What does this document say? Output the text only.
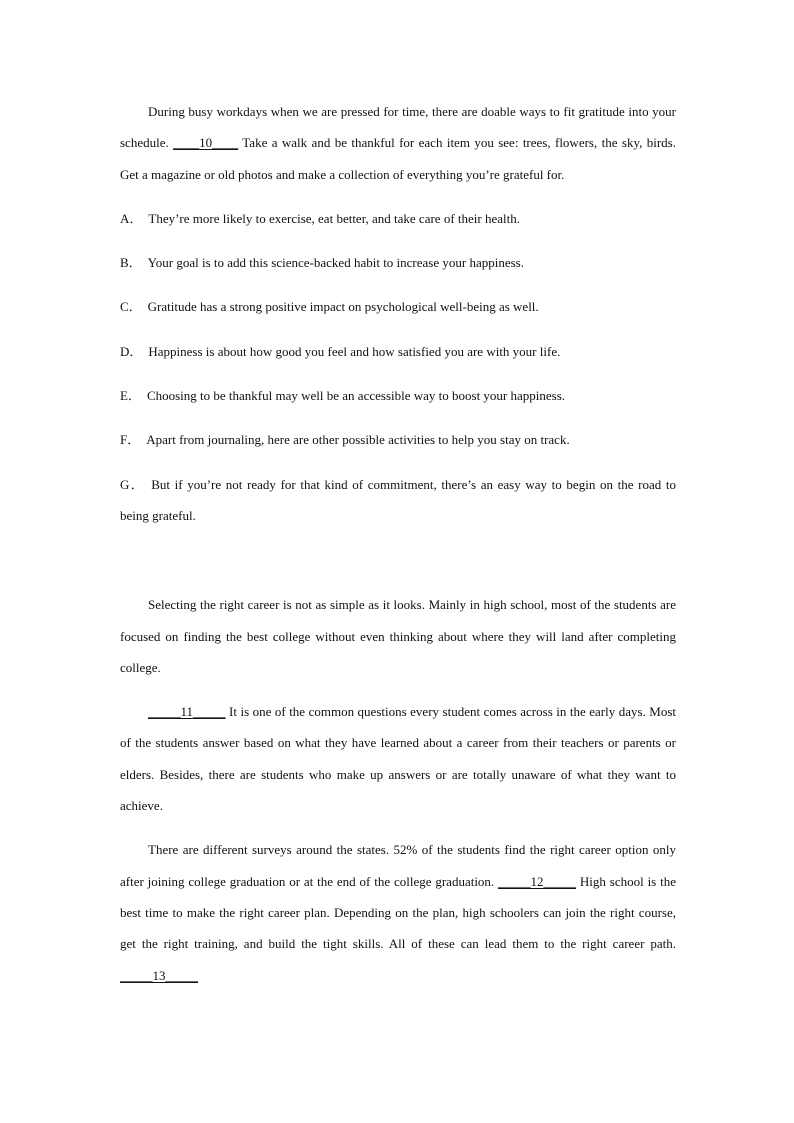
During busy workdays when we are pressed for time, there are doable ways to fit gratitude into your schedule. ____10____ Take a walk and be thankful for each item you see: trees, flowers, the sky, birds. Get a magazine or old photos and make a collection of everything you’re grateful for.

A． They’re more likely to exercise, eat better, and take care of their health.

B． Your goal is to add this science-backed habit to increase your happiness.

C． Gratitude has a strong positive impact on psychological well-being as well.

D． Happiness is about how good you feel and how satisfied you are with your life.

E． Choosing to be thankful may well be an accessible way to boost your happiness.

F． Apart from journaling, here are other possible activities to help you stay on track.

G． But if you’re not ready for that kind of commitment, there’s an easy way to begin on the road to being grateful.

Selecting the right career is not as simple as it looks. Mainly in high school, most of the students are focused on finding the best college without even thinking about where they will land after completing college.

_____11_____ It is one of the common questions every student comes across in the early days. Most of the students answer based on what they have learned about a career from their teachers or parents or elders. Besides, there are students who make up answers or are totally unaware of what they want to achieve.

There are different surveys around the states. 52% of the students find the right career option only after joining college graduation or at the end of the college graduation. _____12_____ High school is the best time to make the right career plan. Depending on the plan, high schoolers can join the right course, get the right training, and build the tight skills. All of these can lead them to the right career path. _____13_____
